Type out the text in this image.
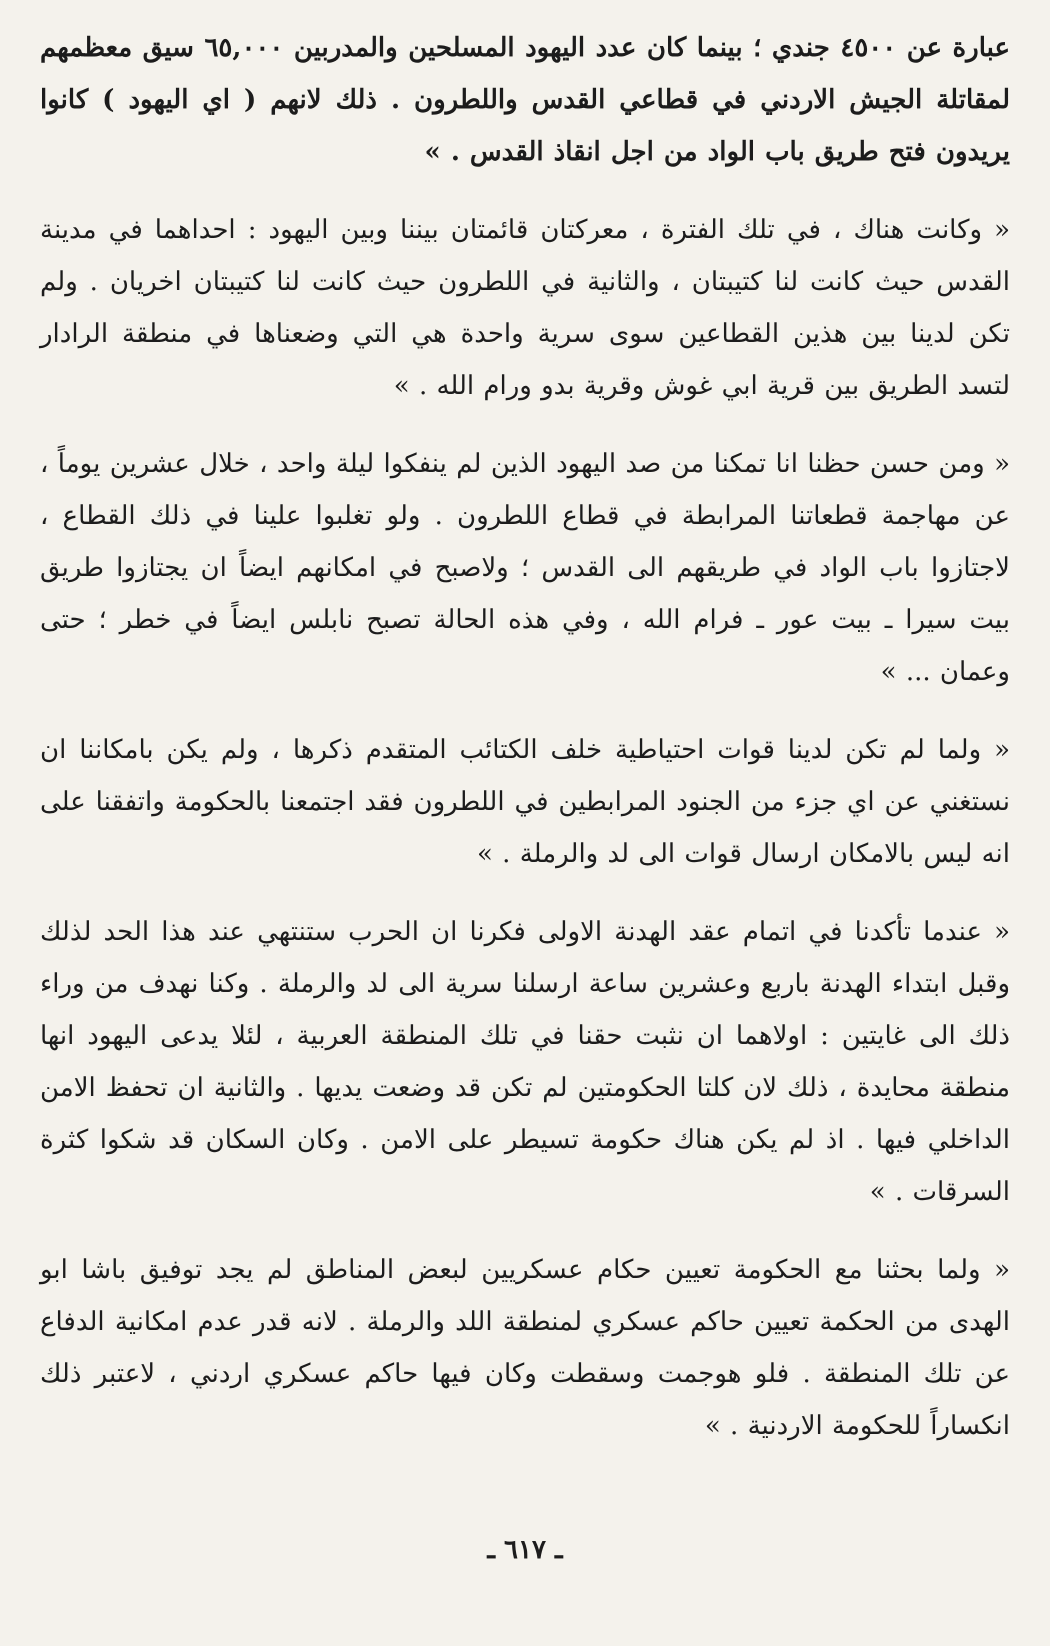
عبارة عن ٤٥٠٠ جندي ؛ بينما كان عدد اليهود المسلحين والمدربين ٦٥,٠٠٠ سيق معظمهم لمقاتلة الجيش الاردني في قطاعي القدس واللطرون . ذلك لانهم ( اي اليهود ) كانوا يريدون فتح طريق باب الواد من اجل انقاذ القدس . »

« وكانت هناك ، في تلك الفترة ، معركتان قائمتان بيننا وبين اليهود : احداهما في مدينة القدس حيث كانت لنا كتيبتان ، والثانية في اللطرون حيث كانت لنا كتيبتان اخريان . ولم تكن لدينا بين هذين القطاعين سوى سرية واحدة هي التي وضعناها في منطقة الرادار لتسد الطريق بين قرية ابي غوش وقرية بدو ورام الله . »

« ومن حسن حظنا انا تمكنا من صد اليهود الذين لم ينفكوا ليلة واحد ، خلال عشرين يوماً ، عن مهاجمة قطعاتنا المرابطة في قطاع اللطرون . ولو تغلبوا علينا في ذلك القطاع ، لاجتازوا باب الواد في طريقهم الى القدس ؛ ولاصبح في امكانهم ايضاً ان يجتازوا طريق بيت سيرا ـ بيت عور ـ فرام الله ، وفي هذه الحالة تصبح نابلس ايضاً في خطر ؛ حتى وعمان ... »

« ولما لم تكن لدينا قوات احتياطية خلف الكتائب المتقدم ذكرها ، ولم يكن بامكاننا ان نستغني عن اي جزء من الجنود المرابطين في اللطرون فقد اجتمعنا بالحكومة واتفقنا على انه ليس بالامكان ارسال قوات الى لد والرملة . »

« عندما تأكدنا في اتمام عقد الهدنة الاولى فكرنا ان الحرب ستنتهي عند هذا الحد لذلك وقبل ابتداء الهدنة باربع وعشرين ساعة ارسلنا سرية الى لد والرملة . وكنا نهدف من وراء ذلك الى غايتين : اولاهما ان نثبت حقنا في تلك المنطقة العربية ، لئلا يدعى اليهود انها منطقة محايدة ، ذلك لان كلتا الحكومتين لم تكن قد وضعت يديها . والثانية ان تحفظ الامن الداخلي فيها . اذ لم يكن هناك حكومة تسيطر على الامن . وكان السكان قد شكوا كثرة السرقات . »

« ولما بحثنا مع الحكومة تعيين حكام عسكريين لبعض المناطق لم يجد توفيق باشا ابو الهدى من الحكمة تعيين حاكم عسكري لمنطقة اللد والرملة . لانه قدر عدم امكانية الدفاع عن تلك المنطقة . فلو هوجمت وسقطت وكان فيها حاكم عسكري اردني ، لاعتبر ذلك انكساراً للحكومة الاردنية . »

ـ ٦١٧ ـ
